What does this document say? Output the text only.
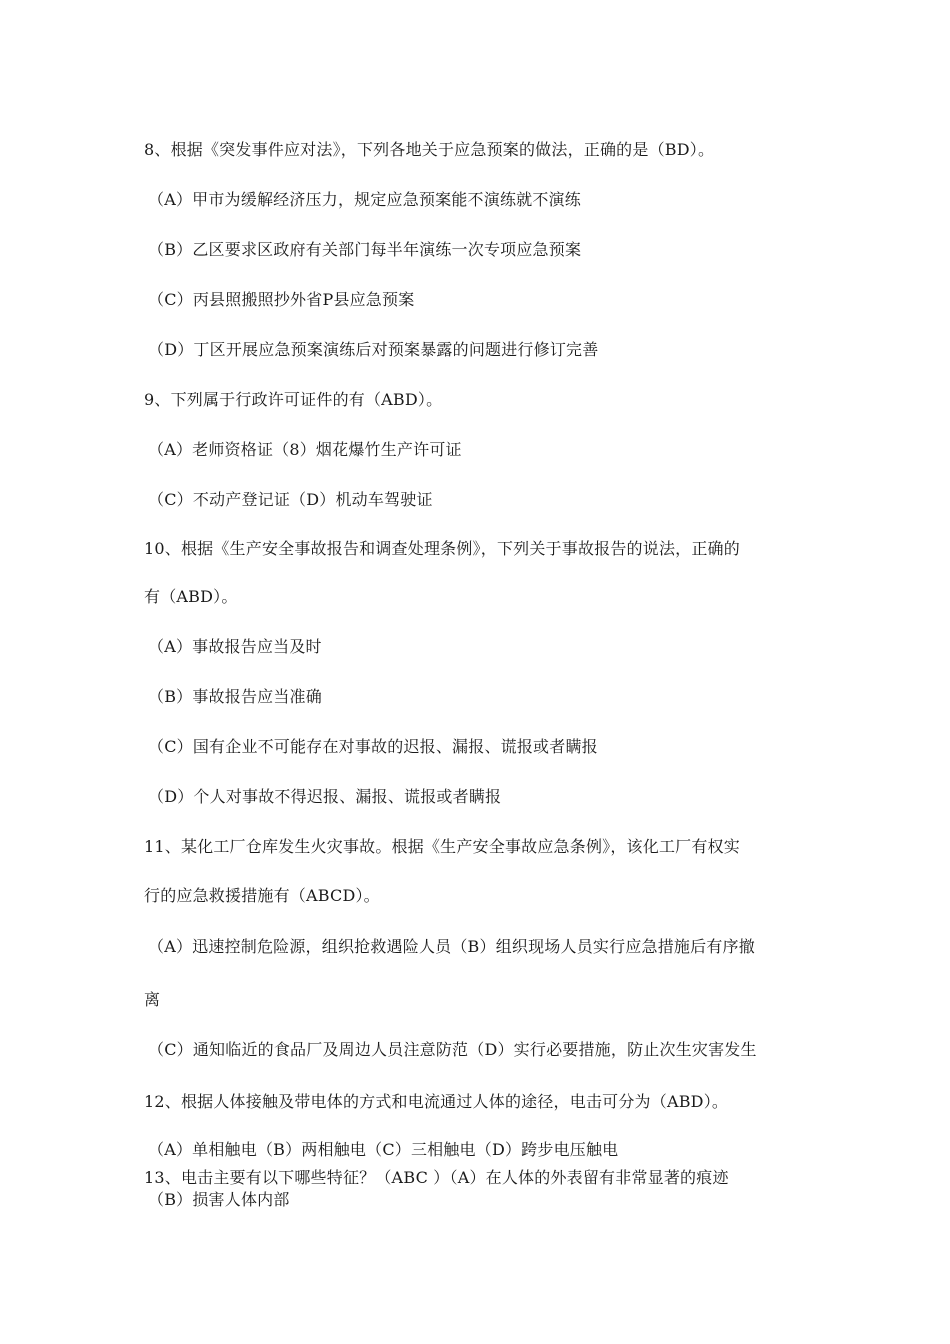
8、根据《突发事件应对法》，下列各地关于应急预案的做法，正确的是（BD）。
（A）甲市为缓解经济压力，规定应急预案能不演练就不演练
（B）乙区要求区政府有关部门每半年演练一次专项应急预案
（C）丙县照搬照抄外省P县应急预案
（D）丁区开展应急预案演练后对预案暴露的问题进行修订完善
9、下列属于行政许可证件的有（ABD）。
（A）老师资格证（8）烟花爆竹生产许可证
（C）不动产登记证（D）机动车驾驶证
10、根据《生产安全事故报告和调查处理条例》，下列关于事故报告的说法，正确的
有（ABD）。
（A）事故报告应当及时
（B）事故报告应当准确
（C）国有企业不可能存在对事故的迟报、漏报、谎报或者瞒报
（D）个人对事故不得迟报、漏报、谎报或者瞒报
11、某化工厂仓库发生火灾事故。根据《生产安全事故应急条例》，该化工厂有权实
行的应急救援措施有（ABCD）。
（A）迅速控制危险源，组织抢救遇险人员（B）组织现场人员实行应急措施后有序撤
离
（C）通知临近的食品厂及周边人员注意防范（D）实行必要措施，防止次生灾害发生
12、根据人体接触及带电体的方式和电流通过人体的途径，电击可分为（ABD）。
（A）单相触电（B）两相触电（C）三相触电（D）跨步电压触电
13、电击主要有以下哪些特征？（ABC ）（A）在人体的外表留有非常显著的痕迹
（B）损害人体内部
